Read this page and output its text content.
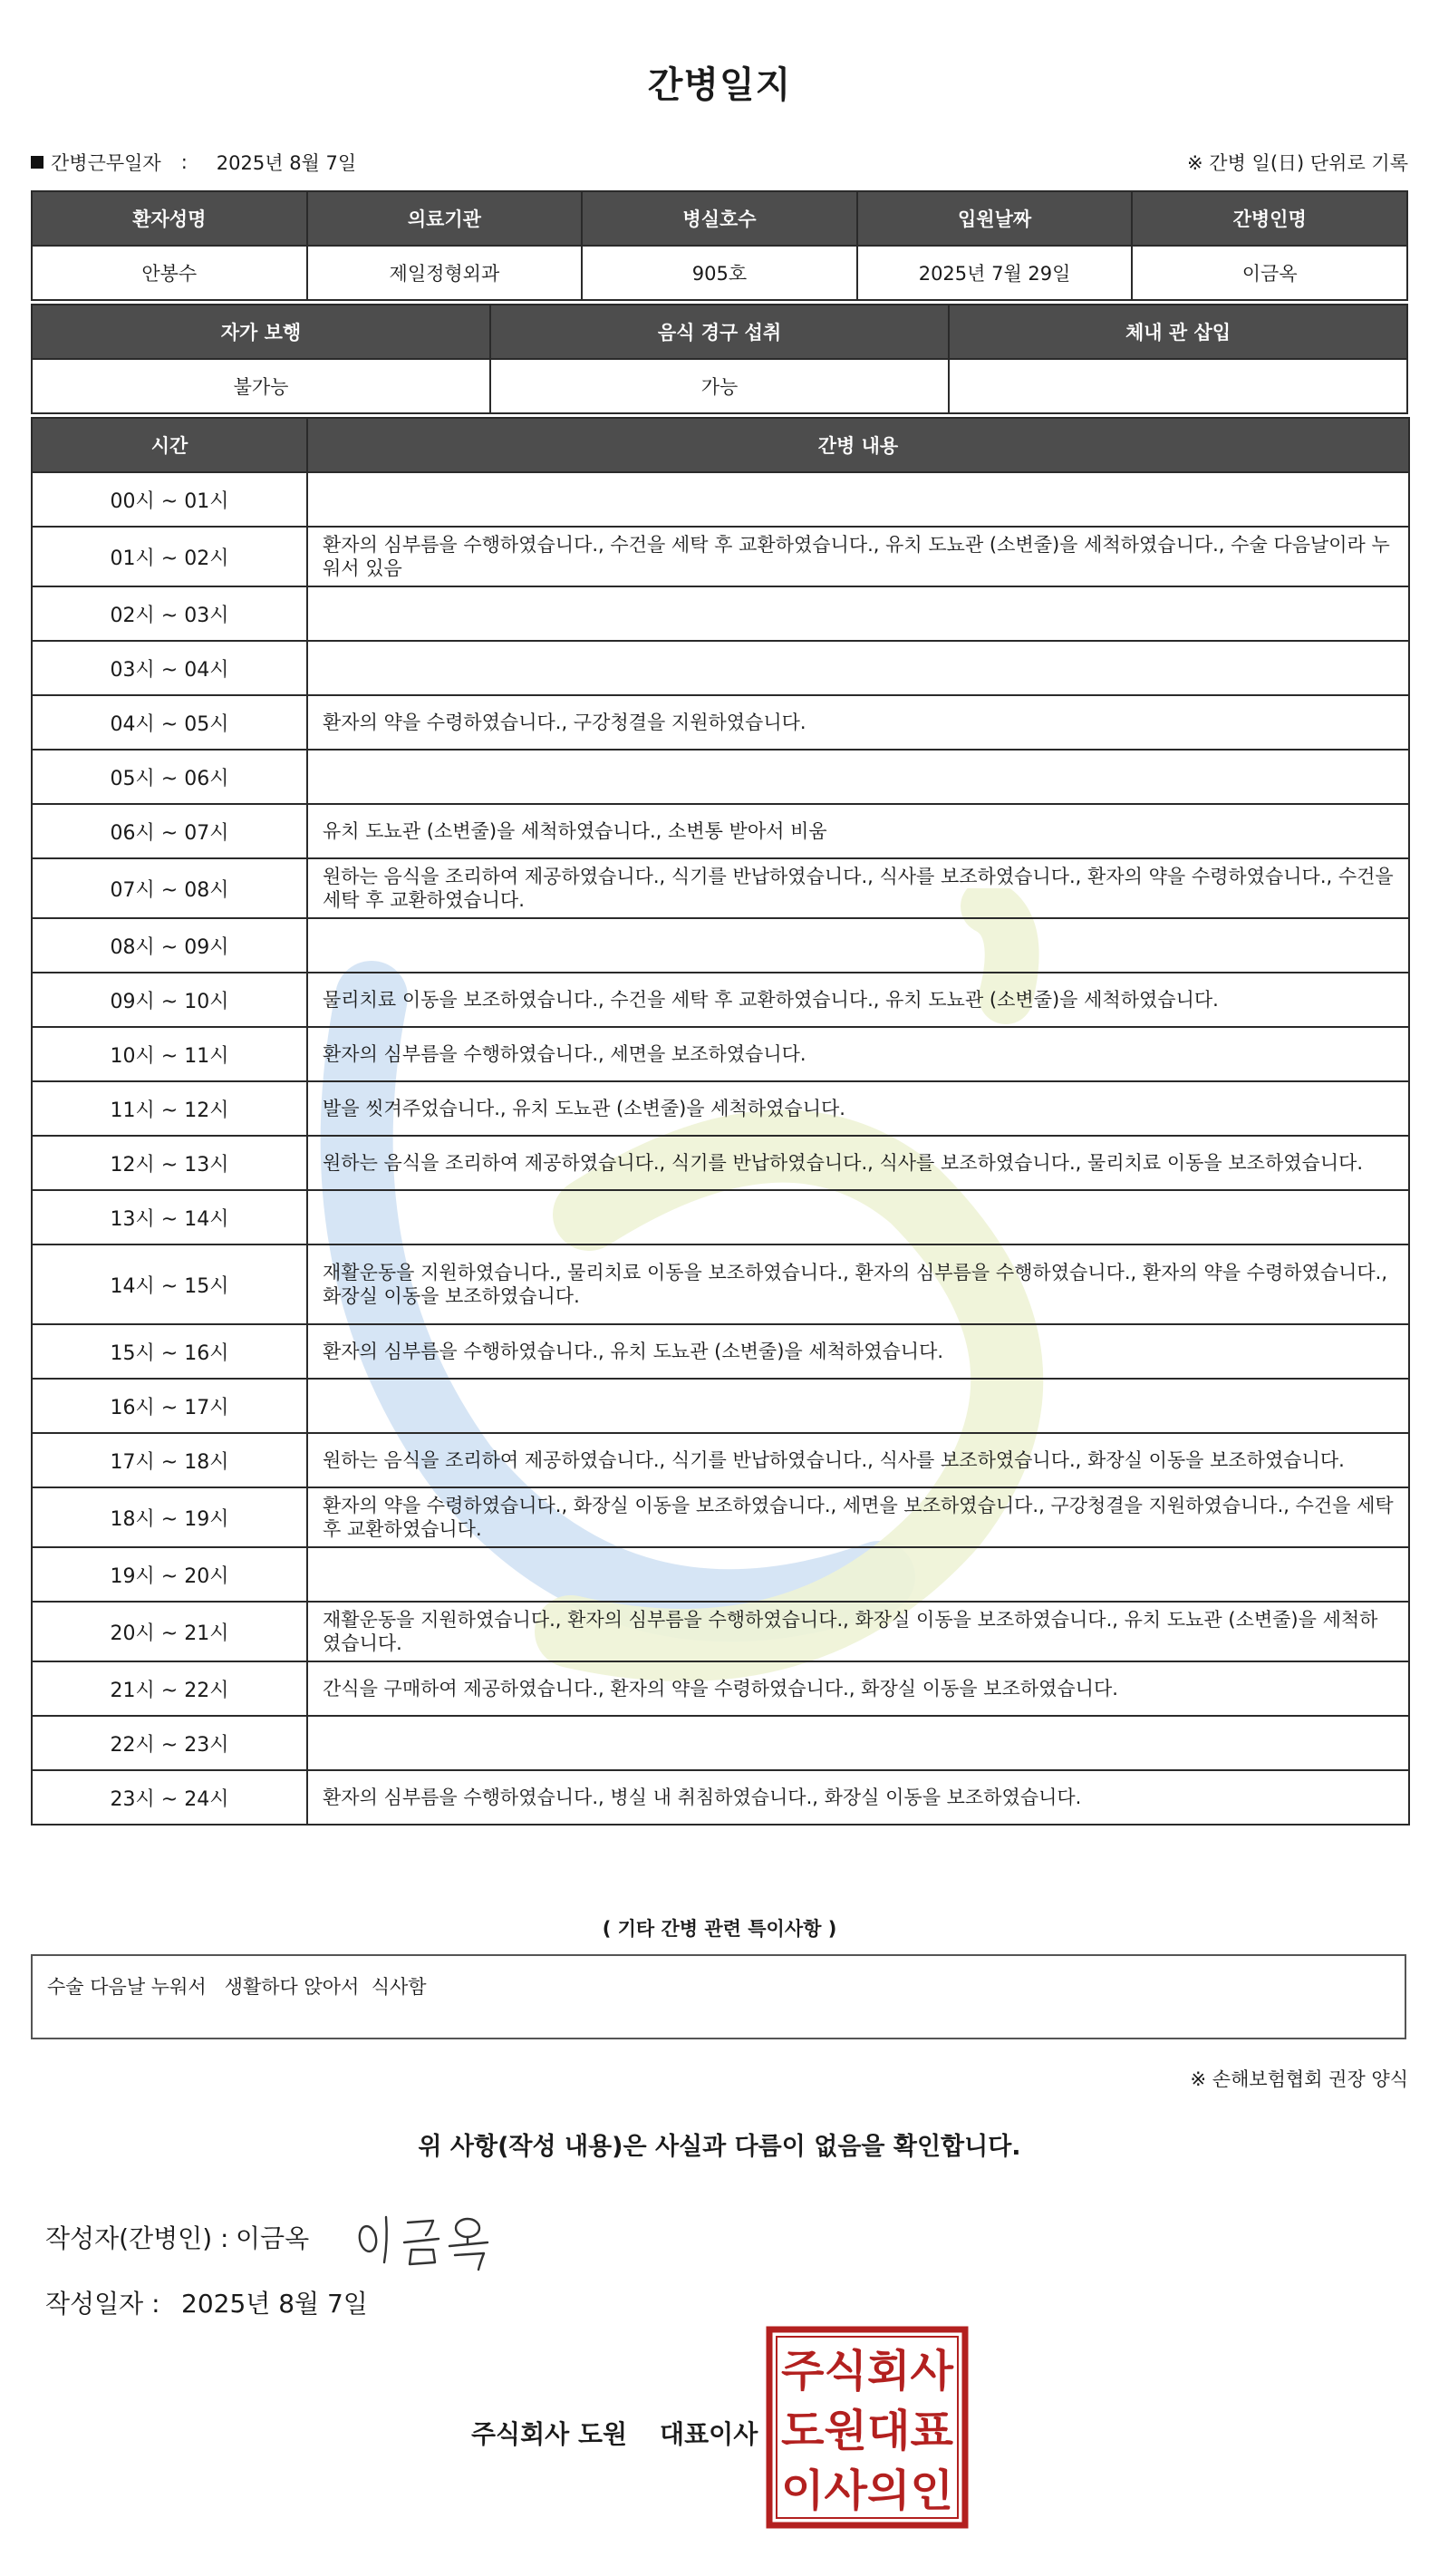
간병일지
간병근무일자 : 2025년 8월 7일	※ 간병 일(日) 단위로 기록
환자성명	의료기관	병실호수	입원날짜	간병인명
안봉수	제일정형외과	905호	2025년 7월 29일	이금옥
자가 보행	음식 경구 섭취	체내 관 삽입
불가능	가능	
시간	간병 내용
00시 ~ 01시	
01시 ~ 02시	환자의 심부름을 수행하였습니다., 수건을 세탁 후 교환하였습니다., 유치 도뇨관 (소변줄)을 세척하였습니다., 수술 다음날이라 누워서 있음
02시 ~ 03시	
03시 ~ 04시	
04시 ~ 05시	환자의 약을 수령하였습니다., 구강청결을 지원하였습니다.
05시 ~ 06시	
06시 ~ 07시	유치 도뇨관 (소변줄)을 세척하였습니다., 소변통 받아서 비움
07시 ~ 08시	원하는 음식을 조리하여 제공하였습니다., 식기를 반납하였습니다., 식사를 보조하였습니다., 환자의 약을 수령하였습니다., 수건을 세탁 후 교환하였습니다.
08시 ~ 09시	
09시 ~ 10시	물리치료 이동을 보조하였습니다., 수건을 세탁 후 교환하였습니다., 유치 도뇨관 (소변줄)을 세척하였습니다.
10시 ~ 11시	환자의 심부름을 수행하였습니다., 세면을 보조하였습니다.
11시 ~ 12시	발을 씻겨주었습니다., 유치 도뇨관 (소변줄)을 세척하였습니다.
12시 ~ 13시	원하는 음식을 조리하여 제공하였습니다., 식기를 반납하였습니다., 식사를 보조하였습니다., 물리치료 이동을 보조하였습니다.
13시 ~ 14시	
14시 ~ 15시	재활운동을 지원하였습니다., 물리치료 이동을 보조하였습니다., 환자의 심부름을 수행하였습니다., 환자의 약을 수령하였습니다., 화장실 이동을 보조하였습니다.
15시 ~ 16시	환자의 심부름을 수행하였습니다., 유치 도뇨관 (소변줄)을 세척하였습니다.
16시 ~ 17시	
17시 ~ 18시	원하는 음식을 조리하여 제공하였습니다., 식기를 반납하였습니다., 식사를 보조하였습니다., 화장실 이동을 보조하였습니다.
18시 ~ 19시	환자의 약을 수령하였습니다., 화장실 이동을 보조하였습니다., 세면을 보조하였습니다., 구강청결을 지원하였습니다., 수건을 세탁 후 교환하였습니다.
19시 ~ 20시	
20시 ~ 21시	재활운동을 지원하였습니다., 환자의 심부름을 수행하였습니다., 화장실 이동을 보조하였습니다., 유치 도뇨관 (소변줄)을 세척하였습니다.
21시 ~ 22시	간식을 구매하여 제공하였습니다., 환자의 약을 수령하였습니다., 화장실 이동을 보조하였습니다.
22시 ~ 23시	
23시 ~ 24시	환자의 심부름을 수행하였습니다., 병실 내 취침하였습니다., 화장실 이동을 보조하였습니다.
( 기타 간병 관련 특이사항 )
수술 다음날 누워서   생활하다 앉아서  식사함
※ 손해보험협회 권장 양식
위 사항(작성 내용)은 사실과 다름이 없음을 확인합니다.
작성자(간병인) : 이금옥
작성일자 : 2025년 8월 7일
주식회사 도원 대표이사
주식회사
도원대표
이사의인
